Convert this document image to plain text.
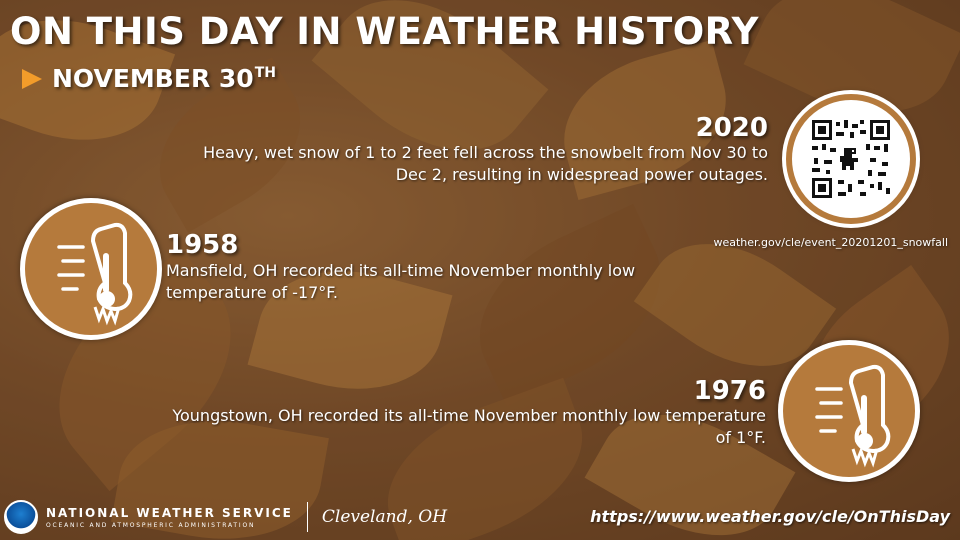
ON THIS DAY IN WEATHER HISTORY
NOVEMBER 30TH
2020
Heavy, wet snow of 1 to 2 feet fell across the snowbelt from Nov 30 to
Dec 2, resulting in widespread power outages.
weather.gov/cle/event_20201201_snowfall
1958
Mansfield, OH recorded its all-time November monthly low
temperature of -17°F.
1976
Youngstown, OH recorded its all-time November monthly low temperature
of 1°F.
NATIONAL WEATHER SERVICE
OCEANIC AND ATMOSPHERIC ADMINISTRATION	Cleveland, OH	https://www.weather.gov/cle/OnThisDay
